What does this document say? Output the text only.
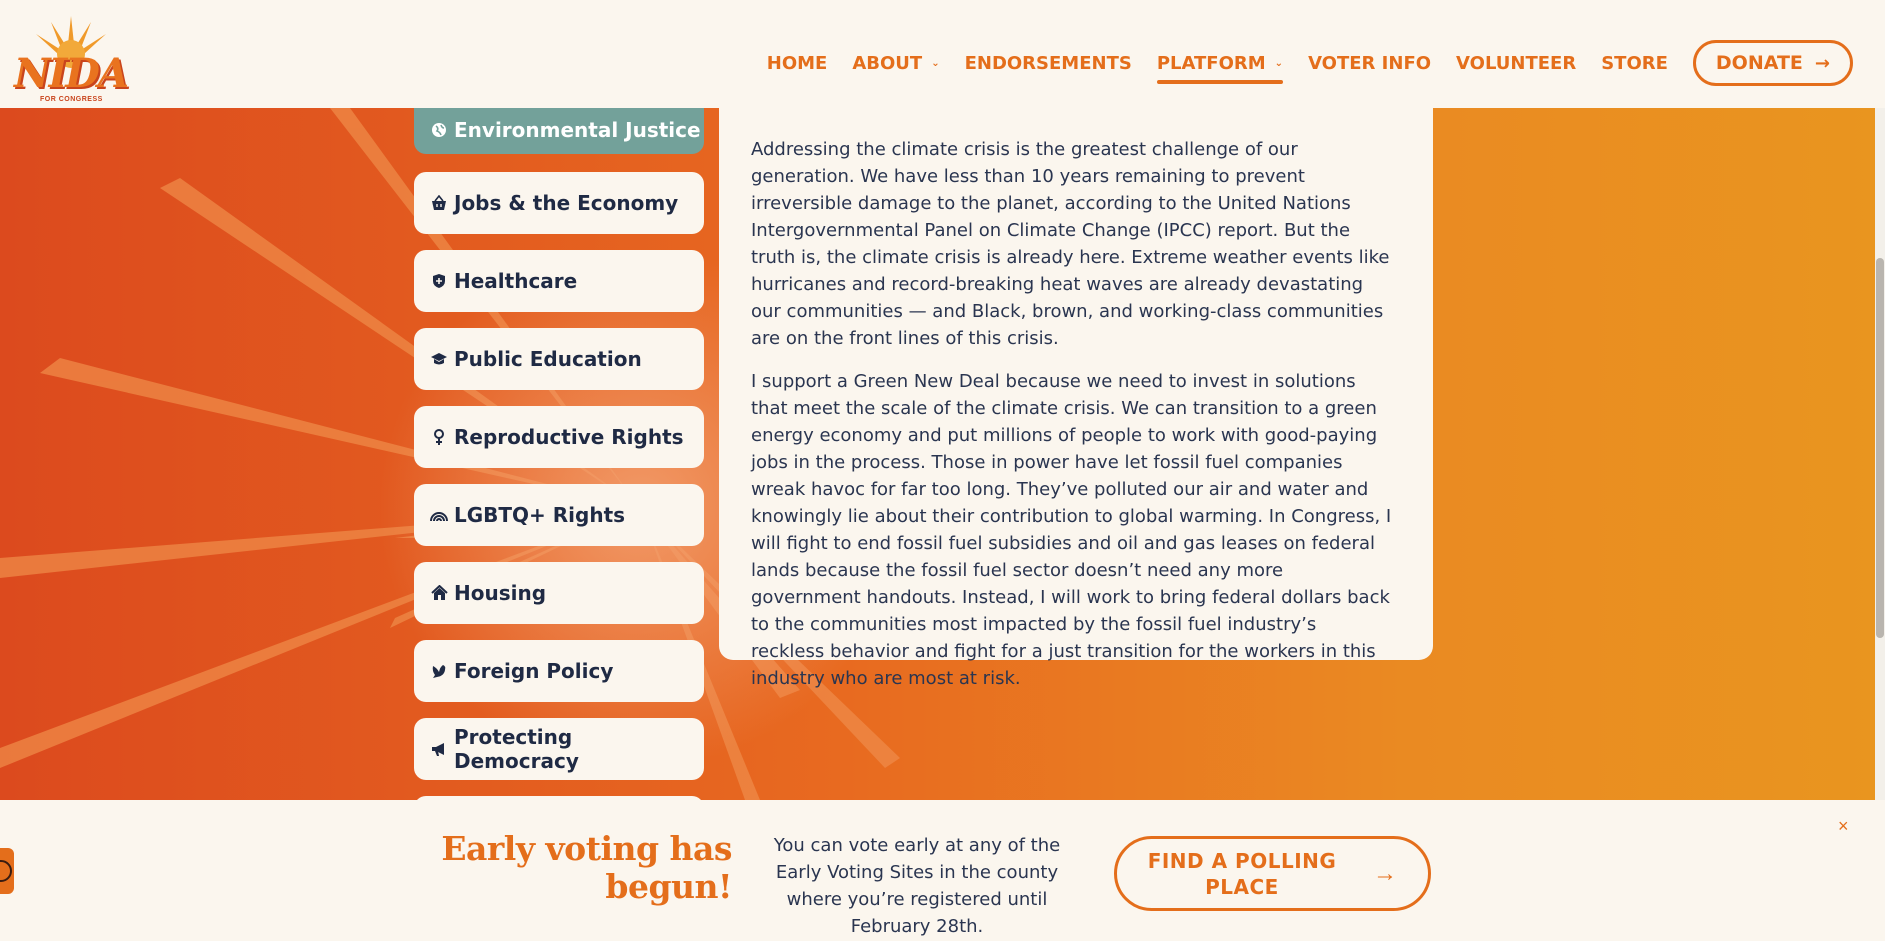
NIDA
FOR CONGRESS
HOME ABOUT ⌄ ENDORSEMENTS PLATFORM ⌄ VOTER INFO VOLUNTEER STORE	DONATE →
Environmental Justice
Jobs & the Economy
Healthcare
Public Education
Reproductive Rights
LGBTQ+ Rights
Housing
Foreign Policy
Protecting Democracy

Addressing the climate crisis is the greatest challenge of our generation. We have less than 10 years remaining to prevent irreversible damage to the planet, according to the United Nations Intergovernmental Panel on Climate Change (IPCC) report. But the truth is, the climate crisis is already here. Extreme weather events like hurricanes and record-breaking heat waves are already devastating our communities — and Black, brown, and working-class communities are on the front lines of this crisis.

I support a Green New Deal because we need to invest in solutions that meet the scale of the climate crisis. We can transition to a green energy economy and put millions of people to work with good-paying jobs in the process. Those in power have let fossil fuel companies wreak havoc for far too long. They’ve polluted our air and water and knowingly lie about their contribution to global warming. In Congress, I will fight to end fossil fuel subsidies and oil and gas leases on federal lands because the fossil fuel sector doesn’t need any more government handouts. Instead, I will work to bring federal dollars back to the communities most impacted by the fossil fuel industry’s reckless behavior and fight for a just transition for the workers in this industry who are most at risk.

Early voting has begun!
You can vote early at any of the Early Voting Sites in the county where you’re registered until February 28th.
FIND A POLLING PLACE	→
×
